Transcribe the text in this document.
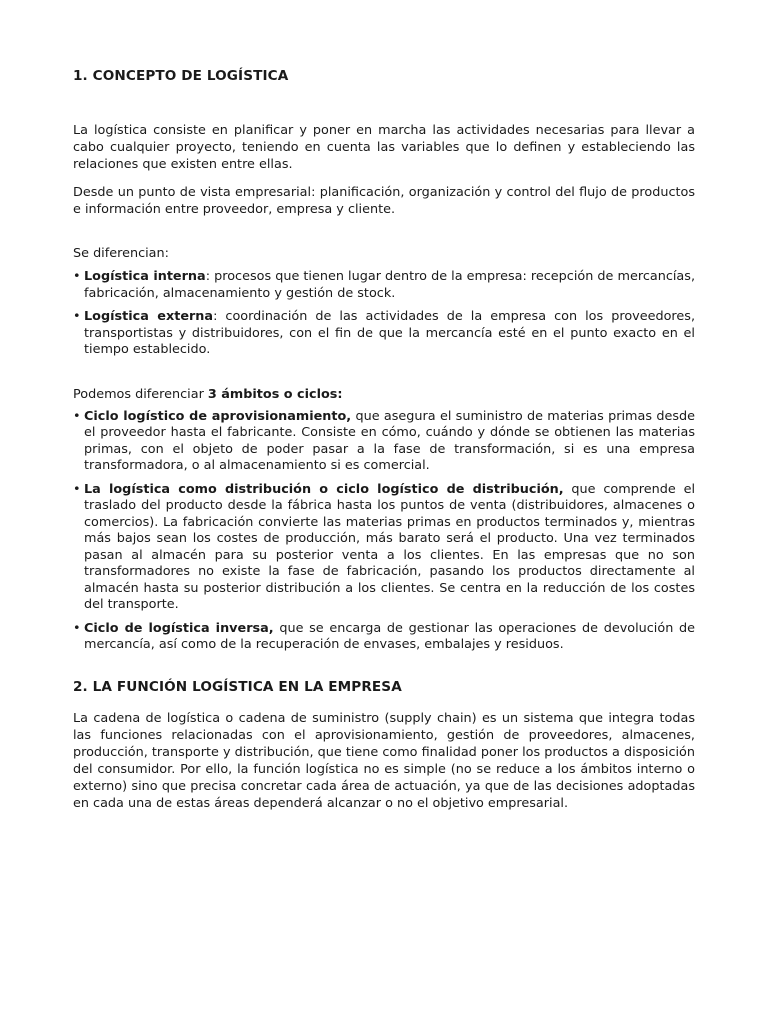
1. CONCEPTO DE LOGÍSTICA

La logística consiste en planificar y poner en marcha las actividades necesarias para llevar a cabo cualquier proyecto, teniendo en cuenta las variables que lo definen y estableciendo las relaciones que existen entre ellas.

Desde un punto de vista empresarial: planificación, organización y control del flujo de productos e información entre proveedor, empresa y cliente.

Se diferencian:

• Logística interna: procesos que tienen lugar dentro de la empresa: recepción de mercancías, fabricación, almacenamiento y gestión de stock.
• Logística externa: coordinación de las actividades de la empresa con los proveedores, transportistas y distribuidores, con el fin de que la mercancía esté en el punto exacto en el tiempo establecido.

Podemos diferenciar 3 ámbitos o ciclos:

• Ciclo logístico de aprovisionamiento, que asegura el suministro de materias primas desde el proveedor hasta el fabricante. Consiste en cómo, cuándo y dónde se obtienen las materias primas, con el objeto de poder pasar a la fase de transformación, si es una empresa transformadora, o al almacenamiento si es comercial.
• La logística como distribución o ciclo logístico de distribución, que comprende el traslado del producto desde la fábrica hasta los puntos de venta (distribuidores, almacenes o comercios). La fabricación convierte las materias primas en productos terminados y, mientras más bajos sean los costes de producción, más barato será el producto. Una vez terminados pasan al almacén para su posterior venta a los clientes. En las empresas que no son transformadores no existe la fase de fabricación, pasando los productos directamente al almacén hasta su posterior distribución a los clientes. Se centra en la reducción de los costes del transporte.
• Ciclo de logística inversa, que se encarga de gestionar las operaciones de devolución de mercancía, así como de la recuperación de envases, embalajes y residuos.
2. LA FUNCIÓN LOGÍSTICA EN LA EMPRESA

La cadena de logística o cadena de suministro (supply chain) es un sistema que integra todas las funciones relacionadas con el aprovisionamiento, gestión de proveedores, almacenes, producción, transporte y distribución, que tiene como finalidad poner los productos a disposición del consumidor. Por ello, la función logística no es simple (no se reduce a los ámbitos interno o externo) sino que precisa concretar cada área de actuación, ya que de las decisiones adoptadas en cada una de estas áreas dependerá alcanzar o no el objetivo empresarial.
